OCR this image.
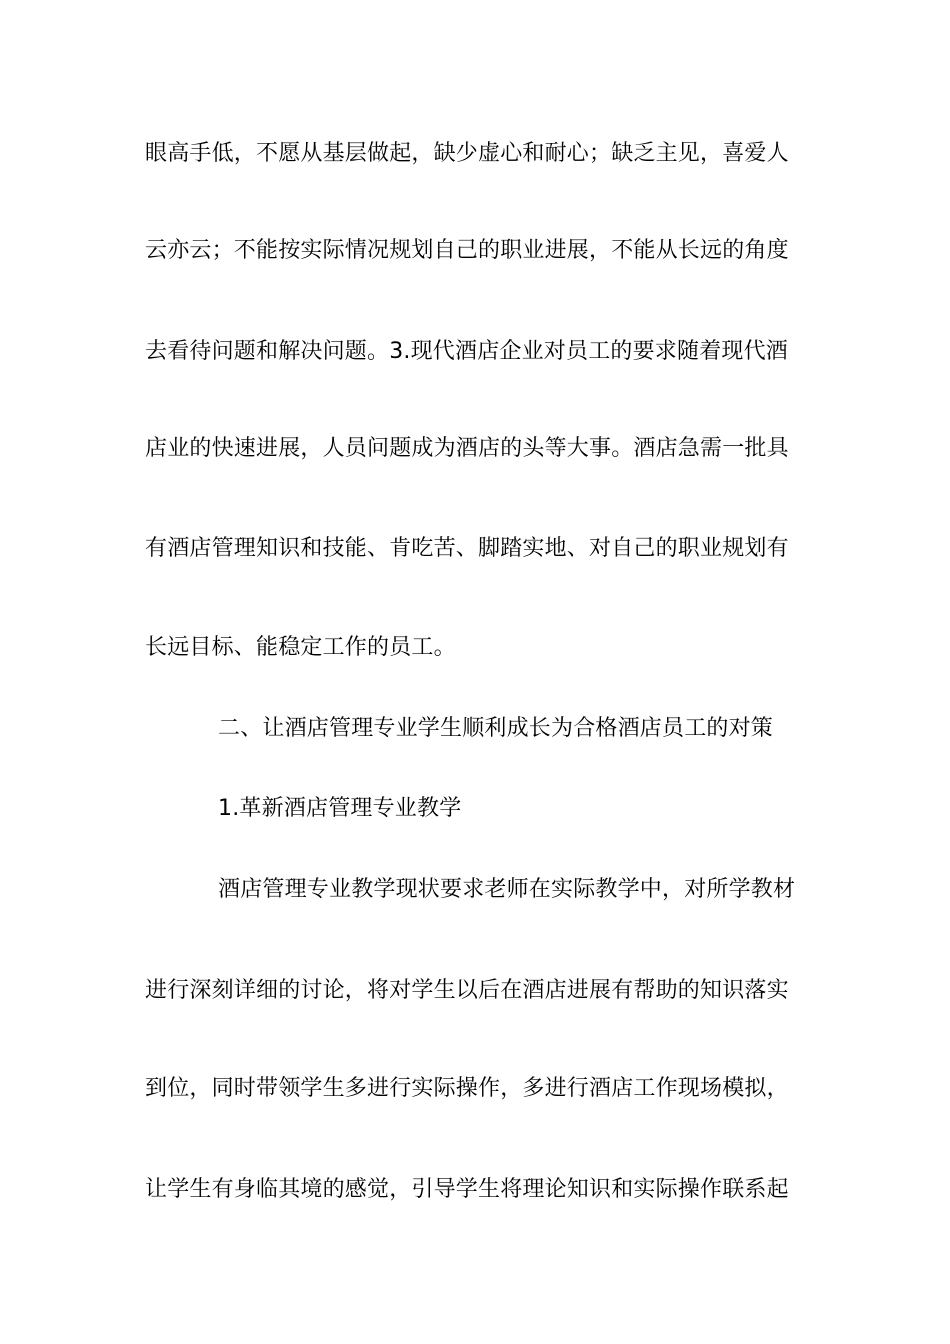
眼高手低，不愿从基层做起，缺少虚心和耐心；缺乏主见，喜爱人
云亦云；不能按实际情况规划自己的职业进展，不能从长远的角度
去看待问题和解决问题。3.现代酒店企业对员工的要求随着现代酒
店业的快速进展，人员问题成为酒店的头等大事。酒店急需一批具
有酒店管理知识和技能、肯吃苦、脚踏实地、对自己的职业规划有
长远目标、能稳定工作的员工。
二、让酒店管理专业学生顺利成长为合格酒店员工的对策
1.革新酒店管理专业教学
酒店管理专业教学现状要求老师在实际教学中，对所学教材
进行深刻详细的讨论，将对学生以后在酒店进展有帮助的知识落实
到位，同时带领学生多进行实际操作，多进行酒店工作现场模拟，
让学生有身临其境的感觉，引导学生将理论知识和实际操作联系起
